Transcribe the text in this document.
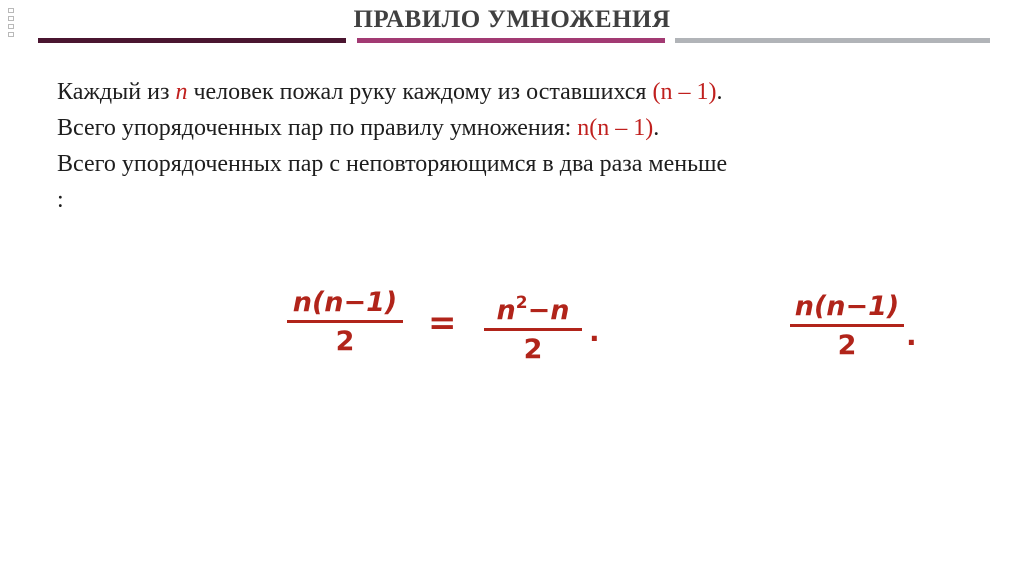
ПРАВИЛО УМНОЖЕНИЯ

Каждый из n человек пожал руку каждому из оставшихся (n – 1).

Всего упорядоченных пар по правилу умножения: n(n – 1).

Всего упорядоченных пар с неповторяющимся в два раза меньше

:

n(n−1)
2	=	$n^2-n$
2
.
n(n−1)
2	.
